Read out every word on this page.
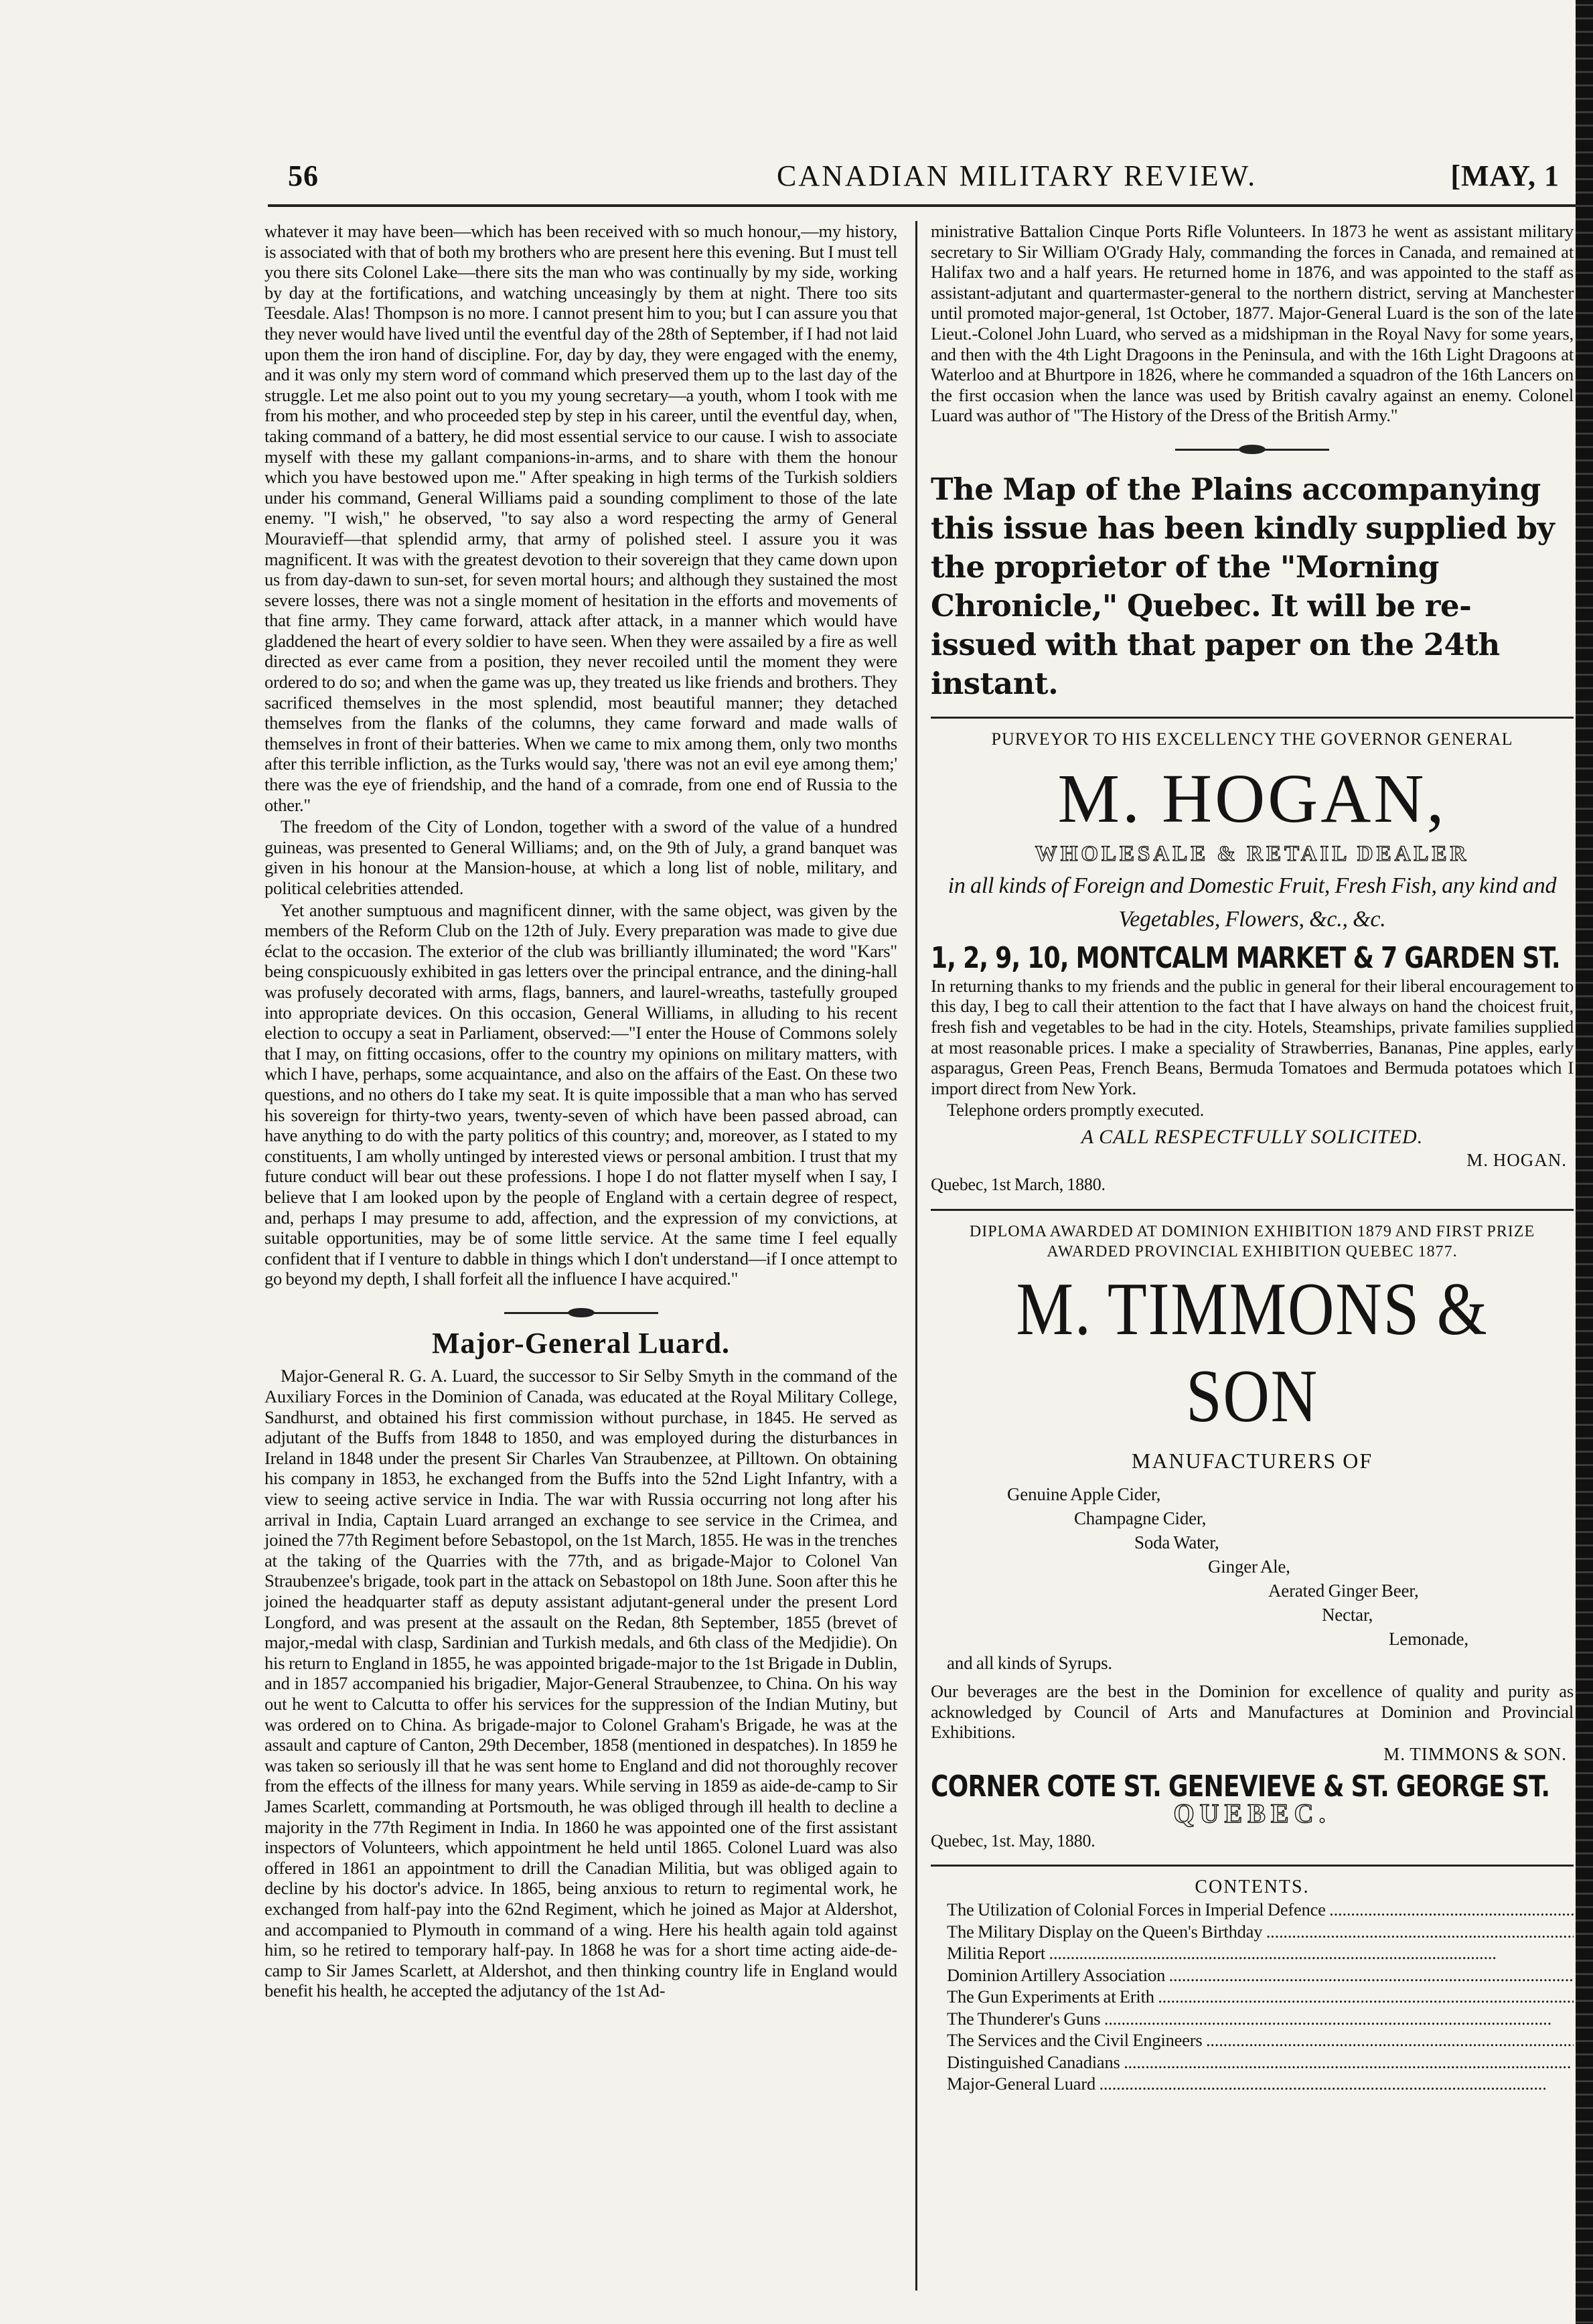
56	CANADIAN MILITARY REVIEW.	[MAY, 1

whatever it may have been—which has been received with so much honour,—my history, is associated with that of both my brothers who are present here this evening. But I must tell you there sits Colonel Lake—there sits the man who was continually by my side, working by day at the fortifications, and watching unceasingly by them at night. There too sits Teesdale. Alas! Thompson is no more. I cannot present him to you; but I can assure you that they never would have lived until the eventful day of the 28th of September, if I had not laid upon them the iron hand of discipline. For, day by day, they were engaged with the enemy, and it was only my stern word of command which preserved them up to the last day of the struggle. Let me also point out to you my young secretary—a youth, whom I took with me from his mother, and who proceeded step by step in his career, until the eventful day, when, taking command of a battery, he did most essential service to our cause. I wish to associate myself with these my gallant companions-in-arms, and to share with them the honour which you have bestowed upon me." After speaking in high terms of the Turkish soldiers under his command, General Williams paid a sounding compliment to those of the late enemy. "I wish," he observed, "to say also a word respecting the army of General Mouravieff—that splendid army, that army of polished steel. I assure you it was magnificent. It was with the greatest devotion to their sovereign that they came down upon us from day-dawn to sun-set, for seven mortal hours; and although they sustained the most severe losses, there was not a single moment of hesitation in the efforts and movements of that fine army. They came forward, attack after attack, in a manner which would have gladdened the heart of every soldier to have seen. When they were assailed by a fire as well directed as ever came from a position, they never recoiled until the moment they were ordered to do so; and when the game was up, they treated us like friends and brothers. They sacrificed themselves in the most splendid, most beautiful manner; they detached themselves from the flanks of the columns, they came forward and made walls of themselves in front of their batteries. When we came to mix among them, only two months after this terrible infliction, as the Turks would say, 'there was not an evil eye among them;' there was the eye of friendship, and the hand of a comrade, from one end of Russia to the other."

The freedom of the City of London, together with a sword of the value of a hundred guineas, was presented to General Williams; and, on the 9th of July, a grand banquet was given in his honour at the Mansion-house, at which a long list of noble, military, and political celebrities attended.

Yet another sumptuous and magnificent dinner, with the same object, was given by the members of the Reform Club on the 12th of July. Every preparation was made to give due éclat to the occasion. The exterior of the club was brilliantly illuminated; the word "Kars" being conspicuously exhibited in gas letters over the principal entrance, and the dining-hall was profusely decorated with arms, flags, banners, and laurel-wreaths, tastefully grouped into appropriate devices. On this occasion, General Williams, in alluding to his recent election to occupy a seat in Parliament, observed:—"I enter the House of Commons solely that I may, on fitting occasions, offer to the country my opinions on military matters, with which I have, perhaps, some acquaintance, and also on the affairs of the East. On these two questions, and no others do I take my seat. It is quite impossible that a man who has served his sovereign for thirty-two years, twenty-seven of which have been passed abroad, can have anything to do with the party politics of this country; and, moreover, as I stated to my constituents, I am wholly untinged by interested views or personal ambition. I trust that my future conduct will bear out these professions. I hope I do not flatter myself when I say, I believe that I am looked upon by the people of England with a certain degree of respect, and, perhaps I may presume to add, affection, and the expression of my convictions, at suitable opportunities, may be of some little service. At the same time I feel equally confident that if I venture to dabble in things which I don't understand—if I once attempt to go beyond my depth, I shall forfeit all the influence I have acquired."

Major-General Luard.

Major-General R. G. A. Luard, the successor to Sir Selby Smyth in the command of the Auxiliary Forces in the Dominion of Canada, was educated at the Royal Military College, Sandhurst, and obtained his first commission without purchase, in 1845. He served as adjutant of the Buffs from 1848 to 1850, and was employed during the disturbances in Ireland in 1848 under the present Sir Charles Van Straubenzee, at Pilltown. On obtaining his company in 1853, he exchanged from the Buffs into the 52nd Light Infantry, with a view to seeing active service in India. The war with Russia occurring not long after his arrival in India, Captain Luard arranged an exchange to see service in the Crimea, and joined the 77th Regiment before Sebastopol, on the 1st March, 1855. He was in the trenches at the taking of the Quarries with the 77th, and as brigade-Major to Colonel Van Straubenzee's brigade, took part in the attack on Sebastopol on 18th June. Soon after this he joined the headquarter staff as deputy assistant adjutant-general under the present Lord Longford, and was present at the assault on the Redan, 8th September, 1855 (brevet of major,-medal with clasp, Sardinian and Turkish medals, and 6th class of the Medjidie). On his return to England in 1855, he was appointed brigade-major to the 1st Brigade in Dublin, and in 1857 accompanied his brigadier, Major-General Straubenzee, to China. On his way out he went to Calcutta to offer his services for the suppression of the Indian Mutiny, but was ordered on to China. As brigade-major to Colonel Graham's Brigade, he was at the assault and capture of Canton, 29th December, 1858 (mentioned in despatches). In 1859 he was taken so seriously ill that he was sent home to England and did not thoroughly recover from the effects of the illness for many years. While serving in 1859 as aide-de-camp to Sir James Scarlett, commanding at Portsmouth, he was obliged through ill health to decline a majority in the 77th Regiment in India. In 1860 he was appointed one of the first assistant inspectors of Volunteers, which appointment he held until 1865. Colonel Luard was also offered in 1861 an appointment to drill the Canadian Militia, but was obliged again to decline by his doctor's advice. In 1865, being anxious to return to regimental work, he exchanged from half-pay into the 62nd Regiment, which he joined as Major at Aldershot, and accompanied to Plymouth in command of a wing. Here his health again told against him, so he retired to temporary half-pay. In 1868 he was for a short time acting aide-de-camp to Sir James Scarlett, at Aldershot, and then thinking country life in England would benefit his health, he accepted the adjutancy of the 1st Ad-

ministrative Battalion Cinque Ports Rifle Volunteers. In 1873 he went as assistant military secretary to Sir William O'Grady Haly, commanding the forces in Canada, and remained at Halifax two and a half years. He returned home in 1876, and was appointed to the staff as assistant-adjutant and quartermaster-general to the northern district, serving at Manchester until promoted major-general, 1st October, 1877. Major-General Luard is the son of the late Lieut.-Colonel John Luard, who served as a midshipman in the Royal Navy for some years, and then with the 4th Light Dragoons in the Peninsula, and with the 16th Light Dragoons at Waterloo and at Bhurtpore in 1826, where he commanded a squadron of the 16th Lancers on the first occasion when the lance was used by British cavalry against an enemy. Colonel Luard was author of "The History of the Dress of the British Army."

The Map of the Plains accompanying this issue has been kindly supplied by the proprietor of the "Morning Chronicle," Quebec. It will be re-issued with that paper on the 24th instant.
PURVEYOR TO HIS EXCELLENCY THE GOVERNOR GENERAL
M. HOGAN,
WHOLESALE & RETAIL DEALER
in all kinds of Foreign and Domestic Fruit, Fresh Fish, any kind and Vegetables, Flowers, &c., &c.
1, 2, 9, 10, MONTCALM MARKET & 7 GARDEN ST.

In returning thanks to my friends and the public in general for their liberal encouragement to this day, I beg to call their attention to the fact that I have always on hand the choicest fruit, fresh fish and vegetables to be had in the city. Hotels, Steamships, private families supplied at most reasonable prices. I make a speciality of Strawberries, Bananas, Pine apples, early asparagus, Green Peas, French Beans, Bermuda Tomatoes and Bermuda potatoes which I import direct from New York.

Telephone orders promptly executed.

A CALL RESPECTFULLY SOLICITED.
M. HOGAN.
Quebec, 1st March, 1880.
DIPLOMA AWARDED AT DOMINION EXHIBITION 1879 AND FIRST PRIZE AWARDED PROVINCIAL EXHIBITION QUEBEC 1877.
M. TIMMONS & SON
MANUFACTURERS OF

Genuine Apple Cider,

Champagne Cider,

Soda Water,

Ginger Ale,

Aerated Ginger Beer,

Nectar,

Lemonade,

and all kinds of Syrups.

Our beverages are the best in the Dominion for excellence of quality and purity as acknowledged by Council of Arts and Manufactures at Dominion and Provincial Exhibitions.

M. TIMMONS & SON.
CORNER COTE ST. GENEVIEVE & ST. GEORGE ST.
QUEBEC.
Quebec, 1st. May, 1880.
CONTENTS.

The Utilization of Colonial Forces in Imperial Defence .....

The Military Display on the Queen's Birthday .....

Militia Report .....

Dominion Artillery Association .....

The Gun Experiments at Erith .....

The Thunderer's Guns .....

The Services and the Civil Engineers .....

Distinguished Canadians .....

Major-General Luard .....
